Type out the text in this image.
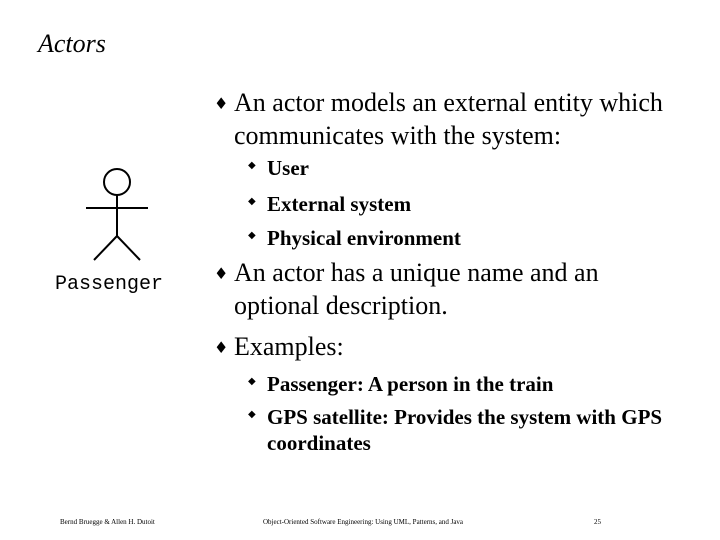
Actors
Passenger
♦ An actor models an external entity which communicates with the system:
◆ User
◆ External system
◆ Physical environment
♦ An actor has a unique name and an optional description.
♦ Examples:
◆ Passenger: A person in the train
◆ GPS satellite: Provides the system with GPS coordinates
Bernd Bruegge & Allen H. Dutoit	Object-Oriented Software Engineering: Using UML, Patterns, and Java	25
